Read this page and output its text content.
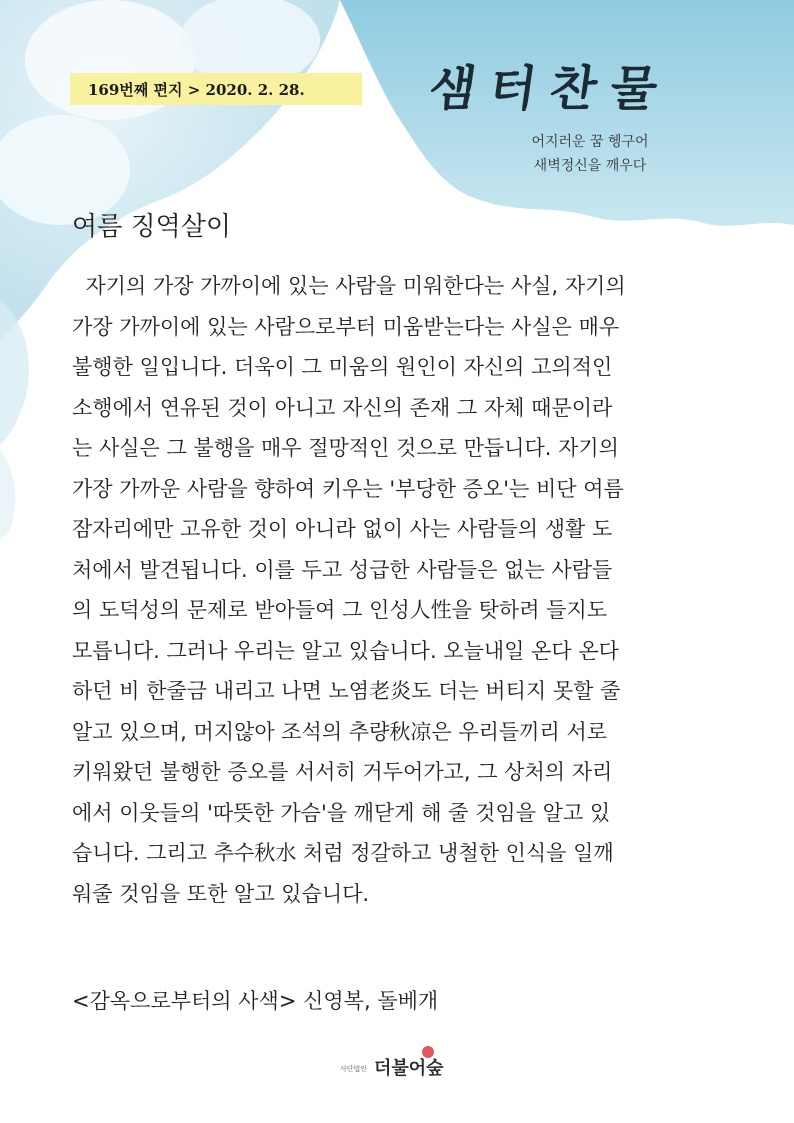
169번째 편지 > 2020. 2. 28.	샘터찬물
어지러운 꿈 헹구어
새벽정신을 깨우다
여름 징역살이

자기의 가장 가까이에 있는 사람을 미워한다는 사실, 자기의

가장 가까이에 있는 사람으로부터 미움받는다는 사실은 매우

불행한 일입니다. 더욱이 그 미움의 원인이 자신의 고의적인

소행에서 연유된 것이 아니고 자신의 존재 그 자체 때문이라

는 사실은 그 불행을 매우 절망적인 것으로 만듭니다. 자기의

가장 가까운 사람을 향하여 키우는 '부당한 증오'는 비단 여름

잠자리에만 고유한 것이 아니라 없이 사는 사람들의 생활 도

처에서 발견됩니다. 이를 두고 성급한 사람들은 없는 사람들

의 도덕성의 문제로 받아들여 그 인성人性을 탓하려 들지도

모릅니다. 그러나 우리는 알고 있습니다. 오늘내일 온다 온다

하던 비 한줄금 내리고 나면 노염老炎도 더는 버티지 못할 줄

알고 있으며, 머지않아 조석의 추량秋凉은 우리들끼리 서로

키워왔던 불행한 증오를 서서히 거두어가고, 그 상처의 자리

에서 이웃들의 '따뜻한 가슴'을 깨닫게 해 줄 것임을 알고 있

습니다. 그리고 추수秋水 처럼 정갈하고 냉철한 인식을 일깨

워줄 것임을 또한 알고 있습니다.

<감옥으로부터의 사색> 신영복, 돌베개
사단법인 더불어숲
